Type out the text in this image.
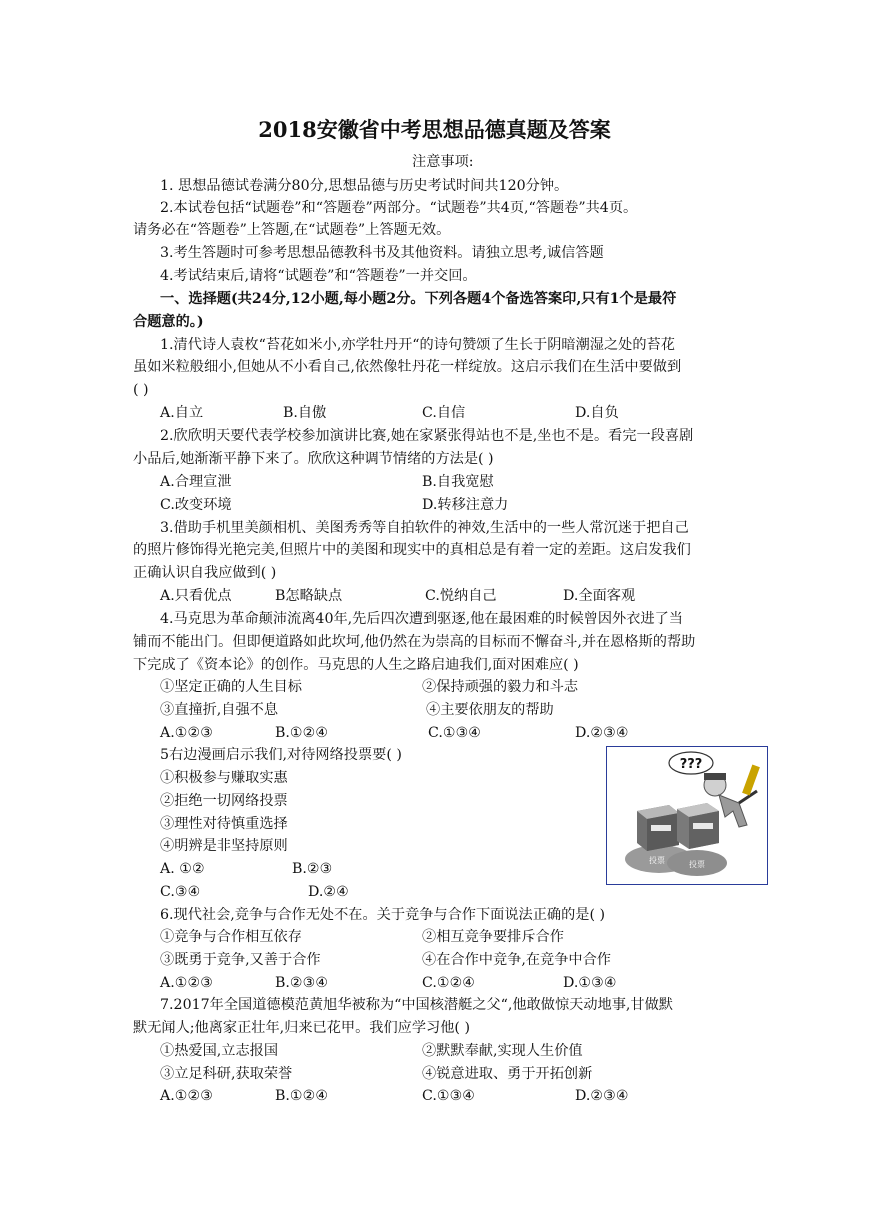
2018安徽省中考思想品德真题及答案
注意事项:
1. 思想品德试卷满分80分,思想品德与历史考试时间共120分钟。
2.本试卷包括“试题卷”和“答题卷”两部分。“试题卷”共4页,“答题卷”共4页。
请务必在“答题卷”上答题,在“试题卷”上答题无效。
3.考生答题时可参考思想品德教科书及其他资料。请独立思考,诚信答题
4.考试结束后,请将“试题卷”和“答题卷”一并交回。
一、选择题(共24分,12小题,每小题2分。下列各题4个备选答案印,只有1个是最符
合题意的。)
1.清代诗人袁枚“苔花如米小,亦学牡丹开“的诗句赞颂了生长于阴暗潮湿之处的苔花
虽如米粒般细小,但她从不小看自己,依然像牡丹花一样绽放。这启示我们在生活中要做到
( )
A.自立	B.自傲	C.自信	D.自负
2.欣欣明天要代表学校参加演讲比赛,她在家紧张得站也不是,坐也不是。看完一段喜剧
小品后,她渐渐平静下来了。欣欣这种调节情绪的方法是( )
A.合理宣泄	B.自我宽慰
C.改变环境	D.转移注意力
3.借助手机里美颜相机、美图秀秀等自拍软件的神效,生活中的一些人常沉迷于把自己
的照片修饰得光艳完美,但照片中的美图和现实中的真相总是有着一定的差距。这启发我们
正确认识自我应做到( )
A.只看优点	B怎略缺点	C.悦纳自己	D.全面客观
4.马克思为革命颠沛流离40年,先后四次遭到驱逐,他在最困难的时候曾因外衣进了当
铺而不能出门。但即便道路如此坎坷,他仍然在为崇高的目标而不懈奋斗,并在恩格斯的帮助
下完成了《资本论》的创作。马克思的人生之路启迪我们,面对困难应( )
①坚定正确的人生目标	②保持顽强的毅力和斗志
③直撞折,自强不息	④主要依朋友的帮助
A.①②③	B.①②④	C.①③④	D.②③④
5右边漫画启示我们,对待网络投票要( )
①积极参与赚取实惠
②拒绝一切网络投票
③理性对待慎重选择
④明辨是非坚持原则
A. ①②	B.②③
C.③④	D.②④
???
投票	投票
6.现代社会,竞争与合作无处不在。关于竞争与合作下面说法正确的是( )
①竞争与合作相互依存	②相互竞争要排斥合作
③既勇于竞争,又善于合作	④在合作中竞争,在竞争中合作
A.①②③	B.②③④	C.①②④	D.①③④
7.2017年全国道德模范黄旭华被称为“中国核潜艇之父“,他敢做惊天动地事,甘做默
默无闻人;他离家正壮年,归来已花甲。我们应学习他( )
①热爱国,立志报国	②默默奉献,实现人生价值
③立足科研,获取荣誉	④锐意进取、勇于开拓创新
A.①②③	B.①②④	C.①③④	D.②③④
